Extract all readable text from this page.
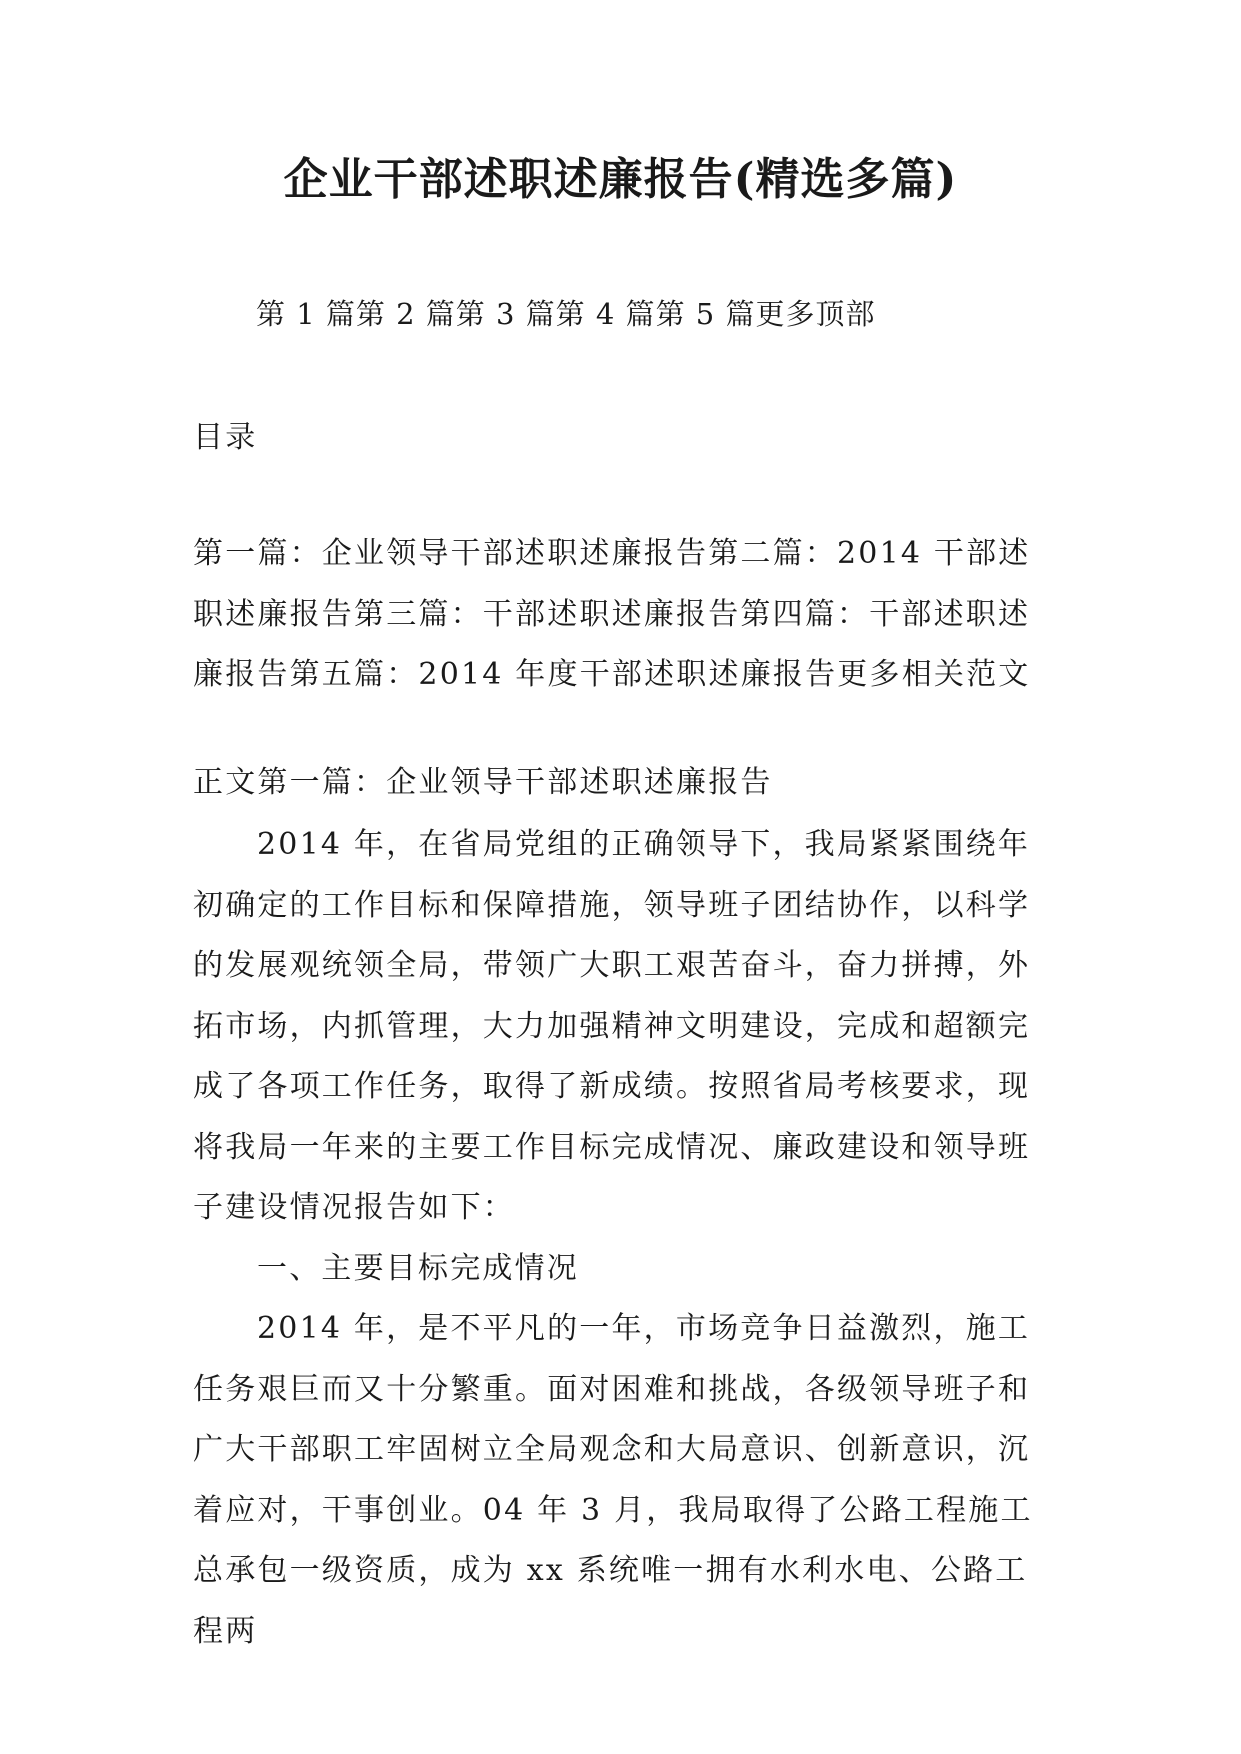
企业干部述职述廉报告(精选多篇)
第 1 篇第 2 篇第 3 篇第 4 篇第 5 篇更多顶部
目录
第一篇：企业领导干部述职述廉报告第二篇：2014 干部述职述廉报告第三篇：干部述职述廉报告第四篇：干部述职述廉报告第五篇：2014 年度干部述职述廉报告更多相关范文
正文第一篇：企业领导干部述职述廉报告

2014 年，在省局党组的正确领导下，我局紧紧围绕年初确定的工作目标和保障措施，领导班子团结协作，以科学的发展观统领全局，带领广大职工艰苦奋斗，奋力拼搏，外拓市场，内抓管理，大力加强精神文明建设，完成和超额完成了各项工作任务，取得了新成绩。按照省局考核要求，现将我局一年来的主要工作目标完成情况、廉政建设和领导班子建设情况报告如下：

一、主要目标完成情况

2014 年，是不平凡的一年，市场竞争日益激烈，施工任务艰巨而又十分繁重。面对困难和挑战，各级领导班子和广大干部职工牢固树立全局观念和大局意识、创新意识，沉着应对，干事创业。04 年 3 月，我局取得了公路工程施工总承包一级资质，成为 xx 系统唯一拥有水利水电、公路工程两
